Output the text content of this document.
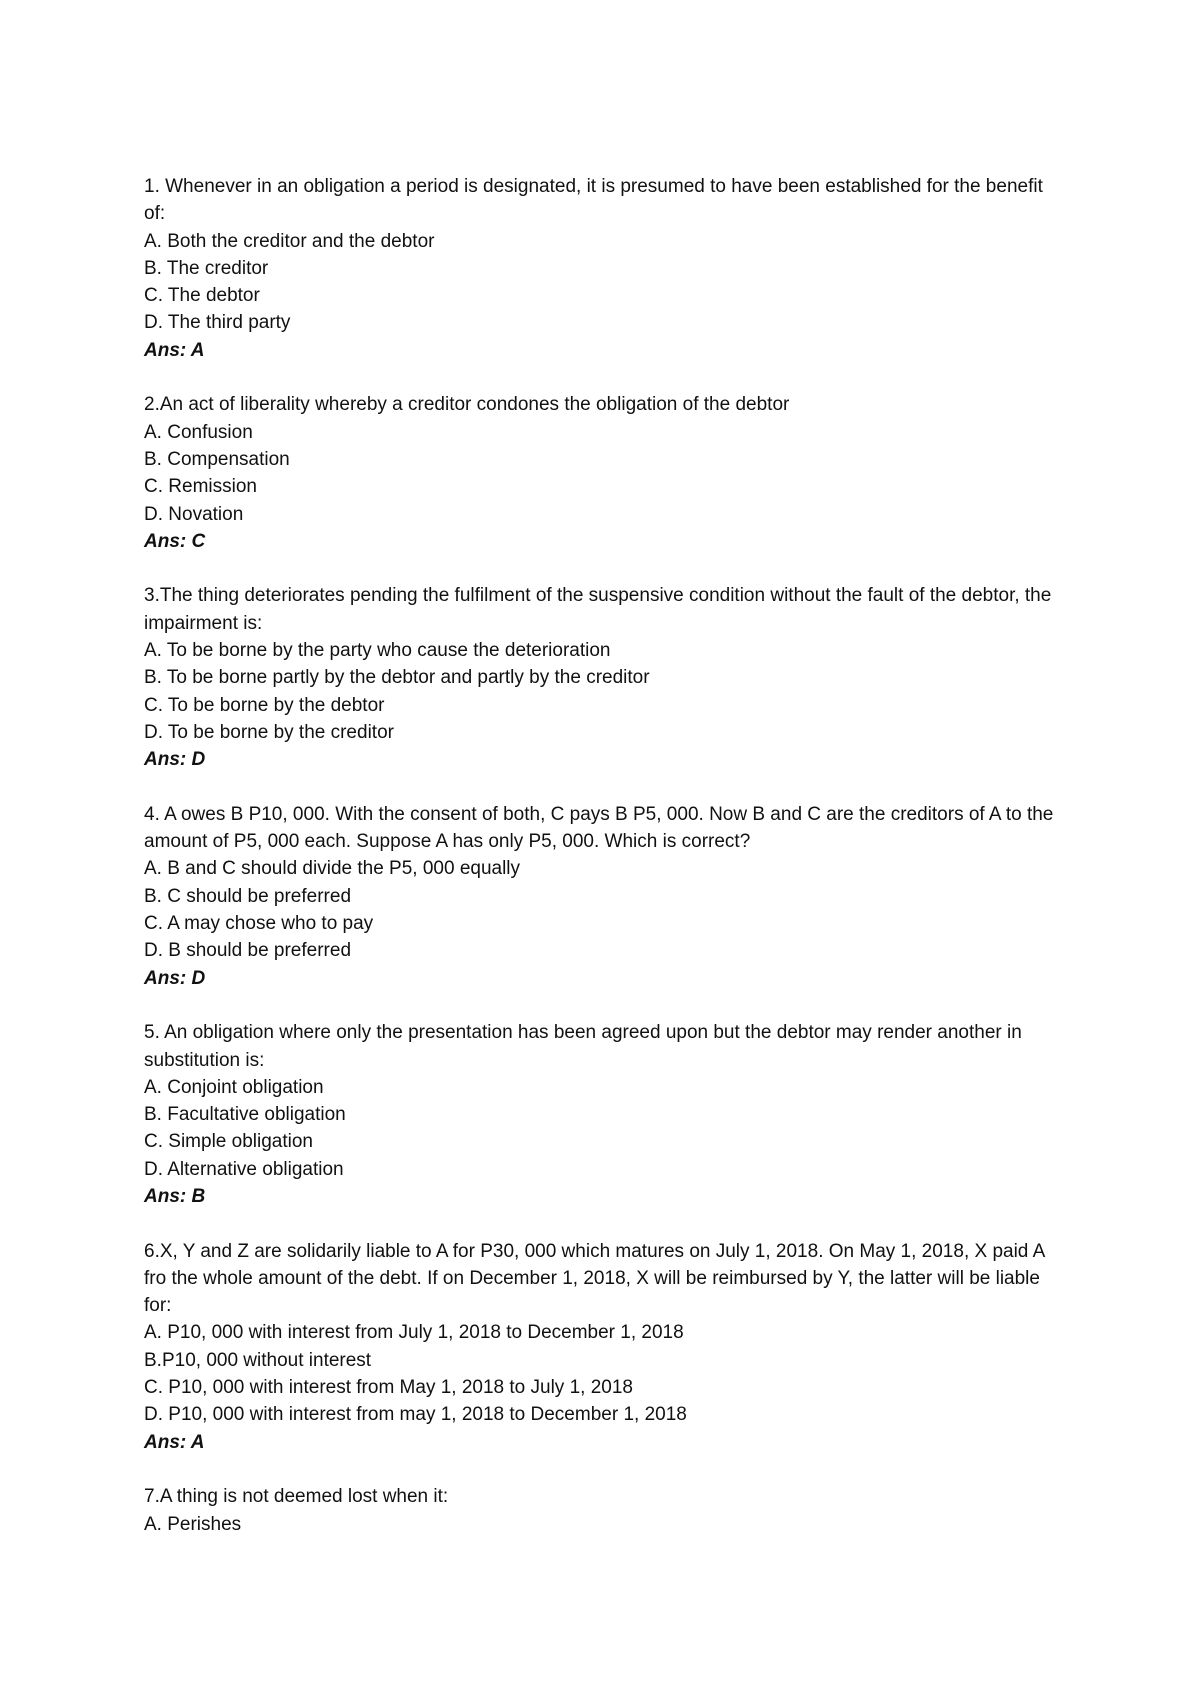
1. Whenever in an obligation a period is designated, it is presumed to have been established for the benefit of:
A. Both the creditor and the debtor
B. The creditor
C. The debtor
D. The third party
Ans: A
2.An act of liberality whereby a creditor condones the obligation of the debtor
A. Confusion
B. Compensation
C. Remission
D. Novation
Ans: C
3.The thing deteriorates pending the fulfilment of the suspensive condition without the fault of the debtor, the impairment is:
A. To be borne by the party who cause the deterioration
B. To be borne partly by the debtor and partly by the creditor
C. To be borne by the debtor
D. To be borne by the creditor
Ans: D
4. A owes B P10, 000. With the consent of both, C pays B P5, 000. Now B and C are the creditors of A to the amount of P5, 000 each. Suppose A has only P5, 000. Which is correct?
A. B and C should divide the P5, 000 equally
B. C should be preferred
C. A may chose who to pay
D. B should be preferred
Ans: D
5. An obligation where only the presentation has been agreed upon but the debtor may render another in substitution is:
A. Conjoint obligation
B. Facultative obligation
C. Simple obligation
D. Alternative obligation
Ans: B
6.X, Y and Z are solidarily liable to A for P30, 000 which matures on July 1, 2018. On May 1, 2018, X paid A fro the whole amount of the debt. If on December 1, 2018, X will be reimbursed by Y, the latter will be liable for:
A. P10, 000 with interest from July 1, 2018 to December 1, 2018
B.P10, 000 without interest
C. P10, 000 with interest from May 1, 2018 to July 1, 2018
D. P10, 000 with interest from may 1, 2018 to December 1, 2018
Ans: A
7.A thing is not deemed lost when it:
A. Perishes
